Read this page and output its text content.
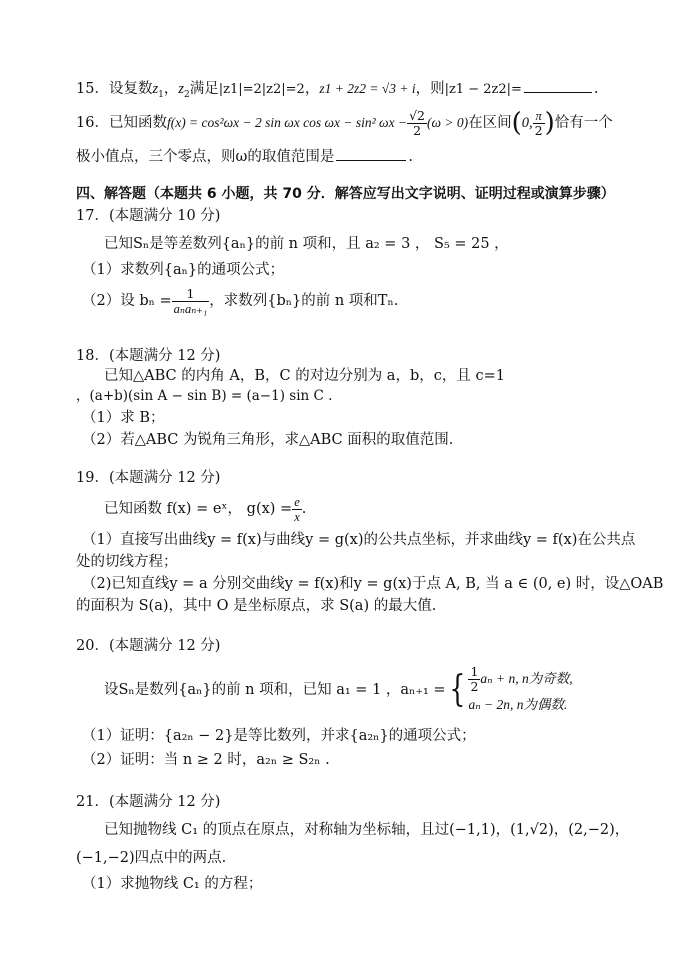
15．设复数$z_1$，$z_2$满足|z1|=2|z2|=2，z1 + 2z2 = √3 + i，则|z1 − 2z2|=	.
16．已知函数f(x) = cos²ωx − 2 sin ωx cos ωx − sin² $\omega x - \frac{√2}{2} (\omega > 0)$在区间(0, $\frac{\pi}{2}$ )恰有一个
极小值点，三个零点，则ω的取值范围是	.
四、解答题（本题共 6 小题，共 70 分．解答应写出文字说明、证明过程或演算步骤）
17．(本题满分 10 分)
已知Sₙ是等差数列{aₙ}的前 n 项和，且 a₂ = 3 ， S₅ = 25 ，
（1）求数列{aₙ}的通项公式；
（2）设 $b_n = \frac{1}{\text{aₙaₙ₊₁}}$ ，求数列{bₙ}的前 n 项和Tₙ.
18．(本题满分 12 分)
已知△ABC 的内角 A，B，C 的对边分别为 a，b，c，且 c=1
，(a+b)(sin A − sin B) = (a−1) sin C .
（1）求 B；
（2）若△ABC 为锐角三角形，求△ABC 面积的取值范围.
19．(本题满分 12 分)
已知函数 f(x) = eˣ， $g(x) = \frac{e}{x}$ .
（1）直接写出曲线y = f(x)与曲线y = g(x)的公共点坐标，并求曲线y = f(x)在公共点
处的切线方程；
（2)已知直线y = a 分别交曲线y = f(x)和y = g(x)于点 A, B, 当 a ∈ (0, e) 时，设△OAB
的面积为 S(a)，其中 O 是坐标原点，求 S(a) 的最大值.
20．(本题满分 12 分)
设Sₙ是数列{aₙ}的前 n 项和，已知 a₁ = 1 ，aₙ₊₁ ={ $\frac{1}{2}$ aₙ + n, n为奇数,
aₙ − 2n, n为偶数.
（1）证明：{a₂ₙ − 2}是等比数列，并求{a₂ₙ}的通项公式；
（2）证明：当 n ≥ 2 时，a₂ₙ ≥ S₂ₙ .
21．(本题满分 12 分)
已知抛物线 C₁ 的顶点在原点，对称轴为坐标轴，且过(−1,1)，(1,√2)，(2,−2)，
(−1,−2)四点中的两点.
（1）求抛物线 C₁ 的方程；
